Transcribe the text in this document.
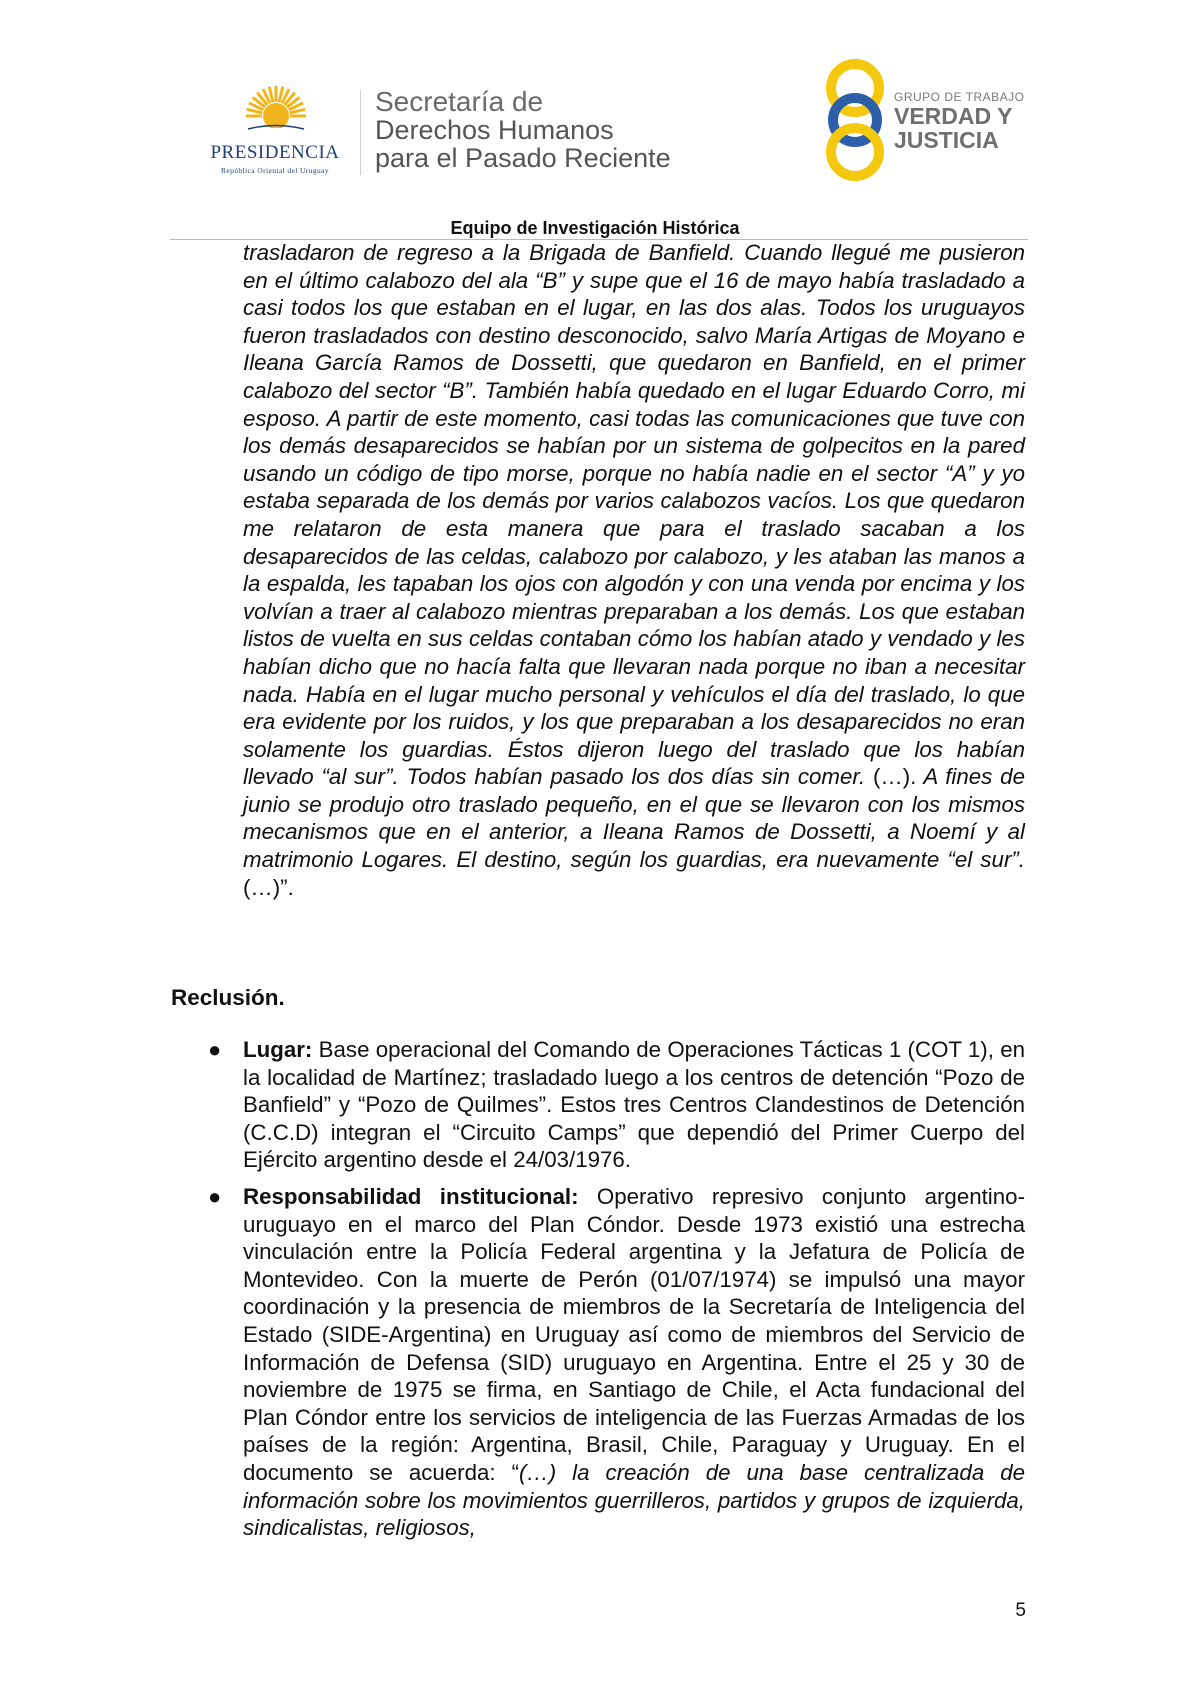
PRESIDENCIA
República Oriental del Uruguay
Secretaría de
Derechos Humanos
para el Pasado Reciente
GRUPO DE TRABAJO
VERDAD Y
JUSTICIA
Equipo de Investigación Histórica

trasladaron de regreso a la Brigada de Banfield. Cuando llegué me pusieron en el último calabozo del ala “B” y supe que el 16 de mayo había trasladado a casi todos los que estaban en el lugar, en las dos alas. Todos los uruguayos fueron trasladados con destino desconocido, salvo María Artigas de Moyano e Ileana García Ramos de Dossetti, que quedaron en Banfield, en el primer calabozo del sector “B”. También había quedado en el lugar Eduardo Corro, mi esposo. A partir de este momento, casi todas las comunicaciones que tuve con los demás desaparecidos se habían por un sistema de golpecitos en la pared usando un código de tipo morse, porque no había nadie en el sector “A” y yo estaba separada de los demás por varios calabozos vacíos. Los que quedaron me relataron de esta manera que para el traslado sacaban a los desaparecidos de las celdas, calabozo por calabozo, y les ataban las manos a la espalda, les tapaban los ojos con algodón y con una venda por encima y los volvían a traer al calabozo mientras preparaban a los demás. Los que estaban listos de vuelta en sus celdas contaban cómo los habían atado y vendado y les habían dicho que no hacía falta que llevaran nada porque no iban a necesitar nada. Había en el lugar mucho personal y vehículos el día del traslado, lo que era evidente por los ruidos, y los que preparaban a los desaparecidos no eran solamente los guardias. Éstos dijeron luego del traslado que los habían llevado “al sur”. Todos habían pasado los dos días sin comer. (…). A fines de junio se produjo otro traslado pequeño, en el que se llevaron con los mismos mecanismos que en el anterior, a Ileana Ramos de Dossetti, a Noemí y al matrimonio Logares. El destino, según los guardias, era nuevamente “el sur”. (…)”.

Reclusión.
● Lugar: Base operacional del Comando de Operaciones Tácticas 1 (COT 1), en la localidad de Martínez; trasladado luego a los centros de detención “Pozo de Banfield” y “Pozo de Quilmes”. Estos tres Centros Clandestinos de Detención (C.C.D) integran el “Circuito Camps” que dependió del Primer Cuerpo del Ejército argentino desde el 24/03/1976.
● Responsabilidad institucional: Operativo represivo conjunto argentino-uruguayo en el marco del Plan Cóndor. Desde 1973 existió una estrecha vinculación entre la Policía Federal argentina y la Jefatura de Policía de Montevideo. Con la muerte de Perón (01/07/1974) se impulsó una mayor coordinación y la presencia de miembros de la Secretaría de Inteligencia del Estado (SIDE-Argentina) en Uruguay así como de miembros del Servicio de Información de Defensa (SID) uruguayo en Argentina. Entre el 25 y 30 de noviembre de 1975 se firma, en Santiago de Chile, el Acta fundacional del Plan Cóndor entre los servicios de inteligencia de las Fuerzas Armadas de los países de la región: Argentina, Brasil, Chile, Paraguay y Uruguay. En el documento se acuerda: “(…) la creación de una base centralizada de información sobre los movimientos guerrilleros, partidos y grupos de izquierda, sindicalistas, religiosos,
5
